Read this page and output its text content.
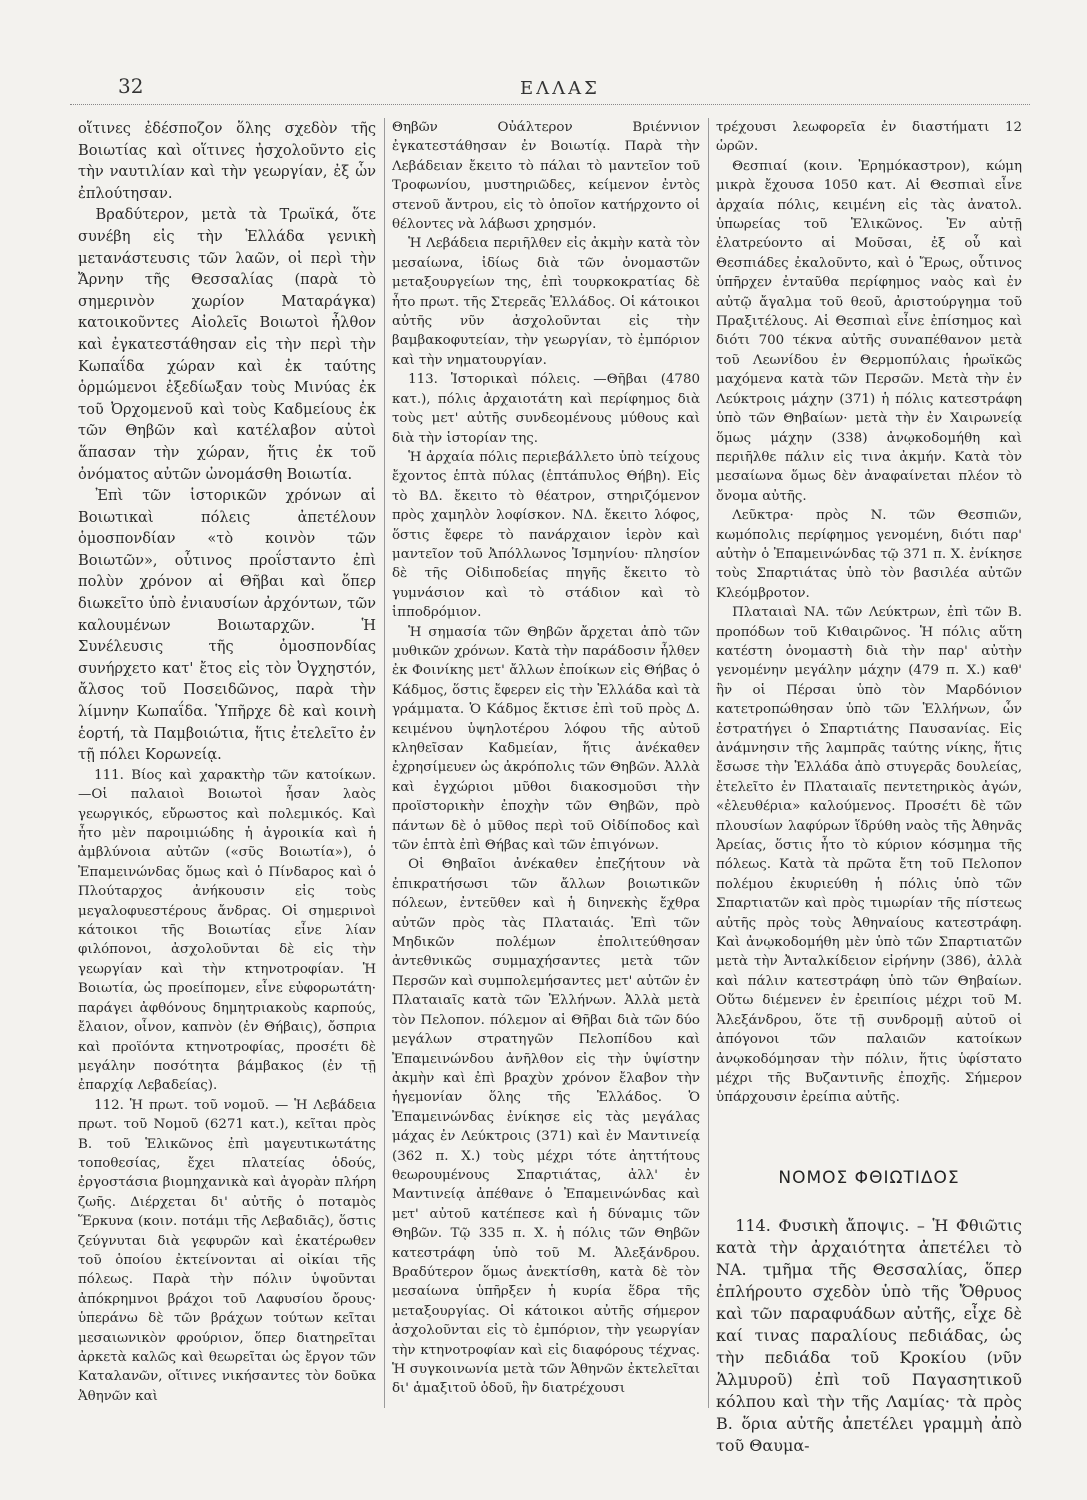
32	ΕΛΛΑΣ

οἵτινες ἐδέσποζον ὅλης σχεδὸν τῆς Βοιωτίας καὶ οἵτινες ἠσχολοῦντο εἰς τὴν ναυτιλίαν καὶ τὴν γεωργίαν, ἐξ ὧν ἐπλούτησαν.

Βραδύτερον, μετὰ τὰ Τρωϊκά, ὅτε συνέβη εἰς τὴν Ἑλλάδα γενικὴ μετανάστευσις τῶν λαῶν, οἱ περὶ τὴν Ἄρνην τῆς Θεσσαλίας (παρὰ τὸ σημερινὸν χωρίον Ματαράγκα) κατοικοῦντες Αἰολεῖς Βοιωτοὶ ἦλθον καὶ ἐγκατεστάθησαν εἰς τὴν περὶ τὴν Κωπαΐδα χώραν καὶ ἐκ ταύτης ὁρμώμενοι ἐξεδίωξαν τοὺς Μινύας ἐκ τοῦ Ὀρχομενοῦ καὶ τοὺς Καδμείους ἐκ τῶν Θηβῶν καὶ κατέλαβον αὐτοὶ ἅπασαν τὴν χώραν, ἥτις ἐκ τοῦ ὀνόματος αὐτῶν ὠνομάσθη Βοιωτία.

Ἐπὶ τῶν ἱστορικῶν χρόνων αἱ Βοιωτικαὶ πόλεις ἀπετέλουν ὁμοσπονδίαν «τὸ κοινὸν τῶν Βοιωτῶν», οὗτινος προΐσταντο ἐπὶ πολὺν χρόνον αἱ Θῆβαι καὶ ὅπερ διωκεῖτο ὑπὸ ἐνιαυσίων ἀρχόντων, τῶν καλουμένων Βοιωταρχῶν. Ἡ Συνέλευσις τῆς ὁμοσπονδίας συνήρχετο κατ' ἔτος εἰς τὸν Ὀγχηστόν, ἄλσος τοῦ Ποσειδῶνος, παρὰ τὴν λίμνην Κωπαΐδα. Ὑπῆρχε δὲ καὶ κοινὴ ἑορτή, τὰ Παμβοιώτια, ἥτις ἐτελεῖτο ἐν τῇ πόλει Κορωνείᾳ.

111. Βίος καὶ χαρακτὴρ τῶν κατοίκων. —Οἱ παλαιοὶ Βοιωτοὶ ἦσαν λαὸς γεωργικός, εὔρωστος καὶ πολεμικός. Καὶ ἦτο μὲν παροιμιώδης ἡ ἀγροικία καὶ ἡ ἀμβλύνοια αὐτῶν («σῦς Βοιωτία»), ὁ Ἐπαμεινώνδας ὅμως καὶ ὁ Πίνδαρος καὶ ὁ Πλούταρχος ἀνήκουσιν εἰς τοὺς μεγαλοφυεστέρους ἄνδρας. Οἱ σημερινοὶ κάτοικοι τῆς Βοιωτίας εἶνε λίαν φιλόπονοι, ἀσχολοῦνται δὲ εἰς τὴν γεωργίαν καὶ τὴν κτηνοτροφίαν. Ἡ Βοιωτία, ὡς προείπομεν, εἶνε εὐφορωτάτη· παράγει ἀφθόνους δημητριακοὺς καρπούς, ἔλαιον, οἶνον, καπνὸν (ἐν Θήβαις), ὄσπρια καὶ προϊόντα κτηνοτροφίας, προσέτι δὲ μεγάλην ποσότητα βάμβακος (ἐν τῇ ἐπαρχίᾳ Λεβαδείας).

112. Ἡ πρωτ. τοῦ νομοῦ. — Ἡ Λεβάδεια πρωτ. τοῦ Νομοῦ (6271 κατ.), κεῖται πρὸς Β. τοῦ Ἑλικῶνος ἐπὶ μαγευτικωτάτης τοποθεσίας, ἔχει πλατείας ὁδούς, ἐργοστάσια βιομηχανικὰ καὶ ἀγορὰν πλήρη ζωῆς. Διέρχεται δι' αὐτῆς ὁ ποταμὸς Ἕρκυνα (κοιν. ποτάμι τῆς Λεβαδιᾶς), ὅστις ζεύγνυται διὰ γεφυρῶν καὶ ἑκατέρωθεν τοῦ ὁποίου ἐκτείνονται αἱ οἰκίαι τῆς πόλεως. Παρὰ τὴν πόλιν ὑψοῦνται ἀπόκρημνοι βράχοι τοῦ Λαφυσίου ὄρους· ὑπεράνω δὲ τῶν βράχων τούτων κεῖται μεσαιωνικὸν φρούριον, ὅπερ διατηρεῖται ἀρκετὰ καλῶς καὶ θεωρεῖται ὡς ἔργον τῶν Καταλανῶν, οἵτινες νικήσαντες τὸν δοῦκα Ἀθηνῶν καὶ

Θηβῶν Οὐάλτερον Βριέννιον ἐγκατεστάθησαν ἐν Βοιωτίᾳ. Παρὰ τὴν Λεβάδειαν ἔκειτο τὸ πάλαι τὸ μαντεῖον τοῦ Τροφωνίου, μυστηριῶδες, κείμενον ἐντὸς στενοῦ ἄντρου, εἰς τὸ ὁποῖον κατήρχοντο οἱ θέλοντες νὰ λάβωσι χρησμόν.

Ἡ Λεβάδεια περιῆλθεν εἰς ἀκμὴν κατὰ τὸν μεσαίωνα, ἰδίως διὰ τῶν ὀνομαστῶν μεταξουργείων της, ἐπὶ τουρκοκρατίας δὲ ἦτο πρωτ. τῆς Στερεᾶς Ἑλλάδος. Οἱ κάτοικοι αὐτῆς νῦν ἀσχολοῦνται εἰς τὴν βαμβακοφυτείαν, τὴν γεωργίαν, τὸ ἐμπόριον καὶ τὴν νηματουργίαν.

113. Ἱστορικαὶ πόλεις. —Θῆβαι (4780 κατ.), πόλις ἀρχαιοτάτη καὶ περίφημος διὰ τοὺς μετ' αὐτῆς συνδεομένους μύθους καὶ διὰ τὴν ἱστορίαν της.

Ἡ ἀρχαία πόλις περιεβάλλετο ὑπὸ τείχους ἔχοντος ἑπτὰ πύλας (ἑπτάπυλος Θήβη). Εἰς τὸ ΒΔ. ἔκειτο τὸ θέατρον, στηριζόμενον πρὸς χαμηλὸν λοφίσκον. ΝΔ. ἔκειτο λόφος, ὅστις ἔφερε τὸ πανάρχαιον ἱερὸν καὶ μαντεῖον τοῦ Ἀπόλλωνος Ἰσμηνίου· πλησίον δὲ τῆς Οἰδιποδείας πηγῆς ἔκειτο τὸ γυμνάσιον καὶ τὸ στάδιον καὶ τὸ ἱπποδρόμιον.

Ἡ σημασία τῶν Θηβῶν ἄρχεται ἀπὸ τῶν μυθικῶν χρόνων. Κατὰ τὴν παράδοσιν ἦλθεν ἐκ Φοινίκης μετ' ἄλλων ἐποίκων εἰς Θήβας ὁ Κάδμος, ὅστις ἔφερεν εἰς τὴν Ἑλλάδα καὶ τὰ γράμματα. Ὁ Κάδμος ἔκτισε ἐπὶ τοῦ πρὸς Δ. κειμένου ὑψηλοτέρου λόφου τῆς αὐτοῦ κληθεῖσαν Καδμείαν, ἥτις ἀνέκαθεν ἐχρησίμευεν ὡς ἀκρόπολις τῶν Θηβῶν. Ἀλλὰ καὶ ἐγχώριοι μῦθοι διακοσμοῦσι τὴν προϊστορικὴν ἐποχὴν τῶν Θηβῶν, πρὸ πάντων δὲ ὁ μῦθος περὶ τοῦ Οἰδίποδος καὶ τῶν ἑπτὰ ἐπὶ Θήβας καὶ τῶν ἐπιγόνων.

Οἱ Θηβαῖοι ἀνέκαθεν ἐπεζήτουν νὰ ἐπικρατήσωσι τῶν ἄλλων βοιωτικῶν πόλεων, ἐντεῦθεν καὶ ἡ διηνεκὴς ἔχθρα αὐτῶν πρὸς τὰς Πλαταιάς. Ἐπὶ τῶν Μηδικῶν πολέμων ἐπολιτεύθησαν ἀντεθνικῶς συμμαχήσαντες μετὰ τῶν Περσῶν καὶ συμπολεμήσαντες μετ' αὐτῶν ἐν Πλαταιαῖς κατὰ τῶν Ἑλλήνων. Ἀλλὰ μετὰ τὸν Πελοπον. πόλεμον αἱ Θῆβαι διὰ τῶν δύο μεγάλων στρατηγῶν Πελοπίδου καὶ Ἐπαμεινώνδου ἀνῆλθον εἰς τὴν ὑψίστην ἀκμὴν καὶ ἐπὶ βραχὺν χρόνον ἔλαβον τὴν ἡγεμονίαν ὅλης τῆς Ἑλλάδος. Ὁ Ἐπαμεινώνδας ἐνίκησε εἰς τὰς μεγάλας μάχας ἐν Λεύκτροις (371) καὶ ἐν Μαντινείᾳ (362 π. Χ.) τοὺς μέχρι τότε ἀηττήτους θεωρουμένους Σπαρτιάτας, ἀλλ' ἐν Μαντινείᾳ ἀπέθανε ὁ Ἐπαμεινώνδας καὶ μετ' αὐτοῦ κατέπεσε καὶ ἡ δύναμις τῶν Θηβῶν. Τῷ 335 π. Χ. ἡ πόλις τῶν Θηβῶν κατεστράφη ὑπὸ τοῦ Μ. Ἀλεξάνδρου. Βραδύτερον ὅμως ἀνεκτίσθη, κατὰ δὲ τὸν μεσαίωνα ὑπῆρξεν ἡ κυρία ἕδρα τῆς μεταξουργίας. Οἱ κάτοικοι αὐτῆς σήμερον ἀσχολοῦνται εἰς τὸ ἐμπόριον, τὴν γεωργίαν τὴν κτηνοτροφίαν καὶ εἰς διαφόρους τέχνας. Ἡ συγκοινωνία μετὰ τῶν Ἀθηνῶν ἐκτελεῖται δι' ἁμαξιτοῦ ὁδοῦ, ἣν διατρέχουσι

τρέχουσι λεωφορεῖα ἐν διαστήματι 12 ὡρῶν.

Θεσπιαί (κοιν. Ἐρημόκαστρον), κώμη μικρὰ ἔχουσα 1050 κατ. Αἱ Θεσπιαὶ εἶνε ἀρχαία πόλις, κειμένη εἰς τὰς ἀνατολ. ὑπωρείας τοῦ Ἑλικῶνος. Ἐν αὐτῇ ἐλατρεύοντο αἱ Μοῦσαι, ἐξ οὗ καὶ Θεσπιάδες ἐκαλοῦντο, καὶ ὁ Ἔρως, οὗτινος ὑπῆρχεν ἐνταῦθα περίφημος ναὸς καὶ ἐν αὐτῷ ἄγαλμα τοῦ θεοῦ, ἀριστούργημα τοῦ Πραξιτέλους. Αἱ Θεσπιαὶ εἶνε ἐπίσημος καὶ διότι 700 τέκνα αὐτῆς συναπέθανον μετὰ τοῦ Λεωνίδου ἐν Θερμοπύλαις ἡρωϊκῶς μαχόμενα κατὰ τῶν Περσῶν. Μετὰ τὴν ἐν Λεύκτροις μάχην (371) ἡ πόλις κατεστράφη ὑπὸ τῶν Θηβαίων· μετὰ τὴν ἐν Χαιρωνείᾳ ὅμως μάχην (338) ἀνῳκοδομήθη καὶ περιῆλθε πάλιν εἰς τινα ἀκμήν. Κατὰ τὸν μεσαίωνα ὅμως δὲν ἀναφαίνεται πλέον τὸ ὄνομα αὐτῆς.

Λεῦκτρα· πρὸς Ν. τῶν Θεσπιῶν, κωμόπολις περίφημος γενομένη, διότι παρ' αὐτὴν ὁ Ἐπαμεινώνδας τῷ 371 π. Χ. ἐνίκησε τοὺς Σπαρτιάτας ὑπὸ τὸν βασιλέα αὐτῶν Κλεόμβροτον.

Πλαταιαὶ ΝΑ. τῶν Λεύκτρων, ἐπὶ τῶν Β. προπόδων τοῦ Κιθαιρῶνος. Ἡ πόλις αὕτη κατέστη ὀνομαστὴ διὰ τὴν παρ' αὐτὴν γενομένην μεγάλην μάχην (479 π. Χ.) καθ' ἣν οἱ Πέρσαι ὑπὸ τὸν Μαρδόνιον κατετροπώθησαν ὑπὸ τῶν Ἑλλήνων, ὧν ἐστρατήγει ὁ Σπαρτιάτης Παυσανίας. Εἰς ἀνάμνησιν τῆς λαμπρᾶς ταύτης νίκης, ἥτις ἔσωσε τὴν Ἑλλάδα ἀπὸ στυγερᾶς δουλείας, ἐτελεῖτο ἐν Πλαταιαῖς πεντετηρικὸς ἀγών, «ἐλευθέρια» καλούμενος. Προσέτι δὲ τῶν πλουσίων λαφύρων ἵδρύθη ναὸς τῆς Ἀθηνᾶς Ἀρείας, ὅστις ἦτο τὸ κύριον κόσμημα τῆς πόλεως. Κατὰ τὰ πρῶτα ἔτη τοῦ Πελοπον πολέμου ἐκυριεύθη ἡ πόλις ὑπὸ τῶν Σπαρτιατῶν καὶ πρὸς τιμωρίαν τῆς πίστεως αὐτῆς πρὸς τοὺς Ἀθηναίους κατεστράφη. Καὶ ἀνῳκοδομήθη μὲν ὑπὸ τῶν Σπαρτιατῶν μετὰ τὴν Ἀνταλκίδειον εἰρήνην (386), ἀλλὰ καὶ πάλιν κατεστράφη ὑπὸ τῶν Θηβαίων. Οὕτω διέμενεν ἐν ἐρειπίοις μέχρι τοῦ Μ. Ἀλεξάνδρου, ὅτε τῇ συνδρομῇ αὐτοῦ οἱ ἀπόγονοι τῶν παλαιῶν κατοίκων ἀνῳκοδόμησαν τὴν πόλιν, ἥτις ὑφίστατο μέχρι τῆς Βυζαντινῆς ἐποχῆς. Σήμερον ὑπάρχουσιν ἐρείπια αὐτῆς.

ΝΟΜΟΣ ΦΘΙΩΤΙΔΟΣ

114. Φυσικὴ ἄποψις. – Ἡ Φθιῶτις κατὰ τὴν ἀρχαιότητα ἀπετέλει τὸ ΝΑ. τμῆμα τῆς Θεσσαλίας, ὅπερ ἐπλήρουτο σχεδὸν ὑπὸ τῆς Ὄθρυος καὶ τῶν παραφυάδων αὐτῆς, εἶχε δὲ καί τινας παραλίους πεδιάδας, ὡς τὴν πεδιάδα τοῦ Κροκίου (νῦν Ἁλμυροῦ) ἐπὶ τοῦ Παγασητικοῦ κόλπου καὶ τὴν τῆς Λαμίας· τὰ πρὸς Β. ὅρια αὐτῆς ἀπετέλει γραμμὴ ἀπὸ τοῦ Θαυμα-
